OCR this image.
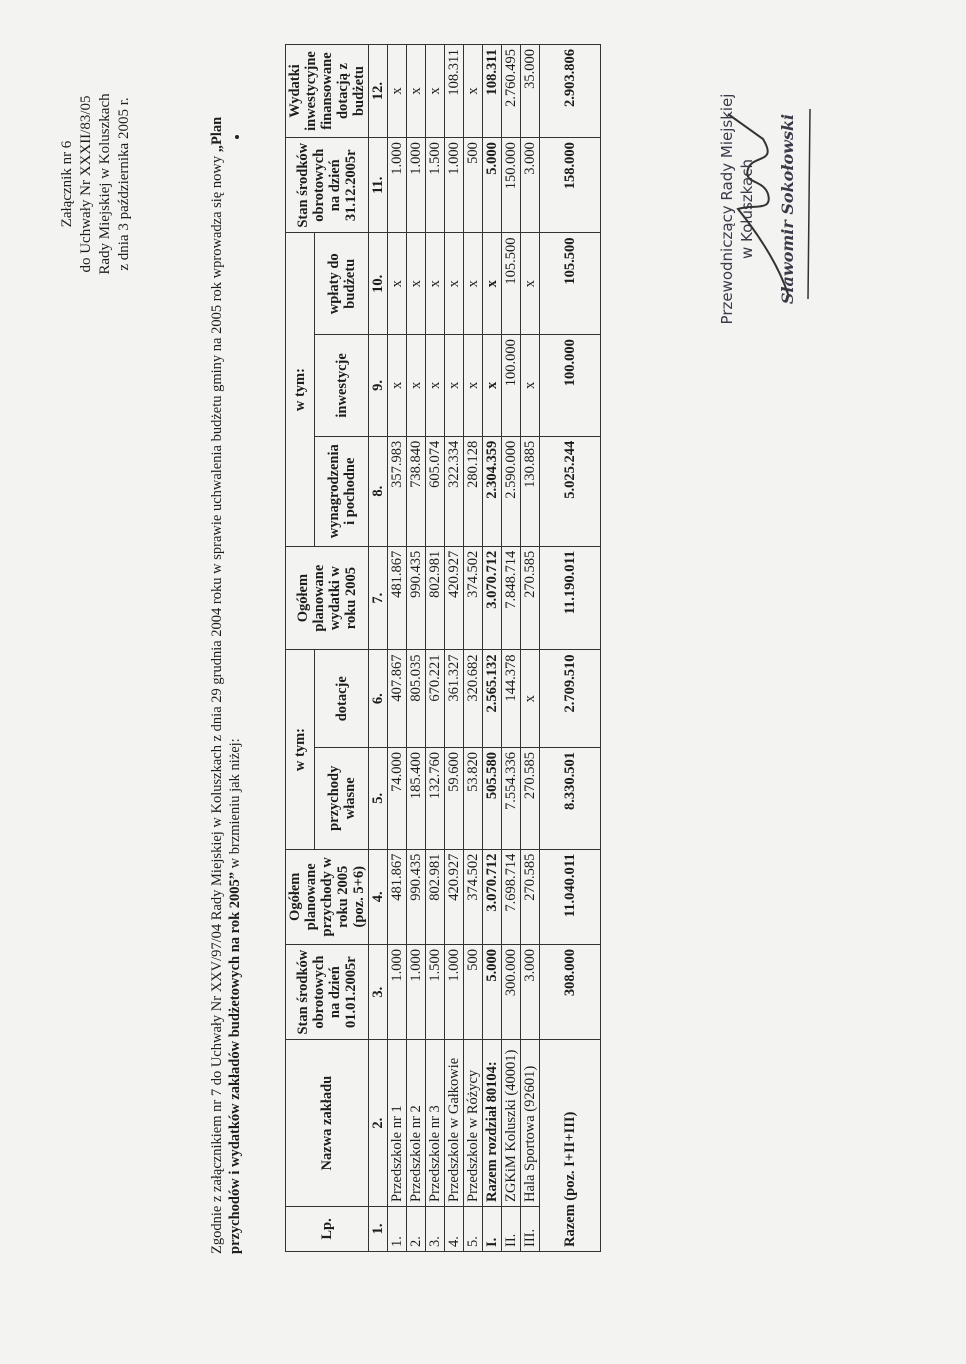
Załącznik nr 6 do Uchwały Nr XXXII/83/05 Rady Miejskiej w Koluszkach z dnia 3 października 2005 r.	Zgodnie z załącznikiem nr 7 do Uchwały Nr XXV/97/04 Rady Miejskiej w Koluszkach z dnia 29 grudnia 2004 roku w sprawie uchwalenia budżetu gminy na 2005 rok wprowadza się nowy „Plan przychodów i wydatków zakładów budżetowych na rok 2005” w brzmieniu jak niżej:
Lp.	Nazwa zakładu	Stan środków obrotowych na dzień 01.01.2005r	Ogółem planowane przychody w roku 2005 (poz. 5+6)	w tym:		Ogółem planowane wydatki w roku 2005	w tym:			Stan środków obrotowych na dzień 31.12.2005r	Wydatki inwestycyjne finansowane dotacją z budżetu
				przychody własne	dotacje		wynagrodzenia i pochodne	inwestycje	wpłaty do budżetu		
1.	2.	3.	4.	5.	6.	7.	8.	9.	10.	11.	12.
1.	Przedszkole nr 1	1.000	481.867	74.000	407.867	481.867	357.983	x	x	1.000	x
2.	Przedszkole nr 2	1.000	990.435	185.400	805.035	990.435	738.840	x	x	1.000	x
3.	Przedszkole nr 3	1.500	802.981	132.760	670.221	802.981	605.074	x	x	1.500	x
4.	Przedszkole w Gałkowie	1.000	420.927	59.600	361.327	420.927	322.334	x	x	1.000	108.311
5.	Przedszkole w Różycy	500	374.502	53.820	320.682	374.502	280.128	x	x	500	x
I.	Razem rozdział 80104:	5.000	3.070.712	505.580	2.565.132	3.070.712	2.304.359	x	x	5.000	108.311
II.	ZGKiM Koluszki (40001)	300.000	7.698.714	7.554.336	144.378	7.848.714	2.590.000	100.000	105.500	150.000	2.760.495
III.	Hala Sportowa (92601)	3.000	270.585	270.585	x	270.585	130.885	x	x	3.000	35.000
Razem (poz. I+II+III)		308.000	11.040.011	8.330.501	2.709.510	11.190.011	5.025.244	100.000	105.500	158.000	2.903.806
Przewodniczący Rady Miejskiej w Koluszkach Sławomir Sokołowski
